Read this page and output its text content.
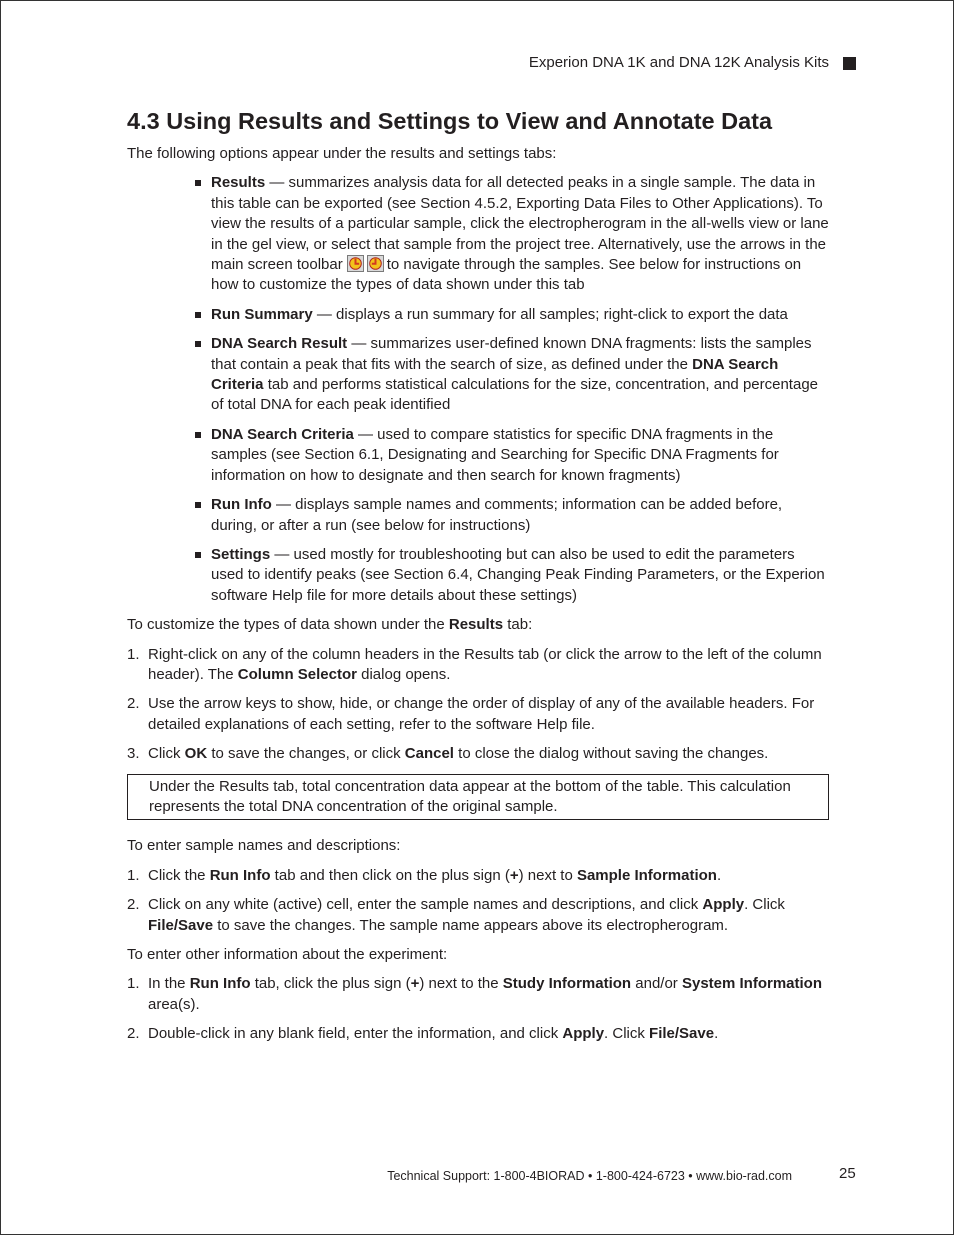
Experion DNA 1K and DNA 12K Analysis Kits
4.3 Using Results and Settings to View and Annotate Data

The following options appear under the results and settings tabs:

Results — summarizes analysis data for all detected peaks in a single sample. The data in this table can be exported (see Section 4.5.2, Exporting Data Files to Other Applications). To view the results of a particular sample, click the electropherogram in the all-wells view or lane in the gel view, or select that sample from the project tree. Alternatively, use the arrows in the main screen toolbar	to navigate through the samples. See below for instructions on how to customize the types of data shown under this tab
Run Summary — displays a run summary for all samples; right-click to export the data
DNA Search Result — summarizes user-defined known DNA fragments: lists the samples that contain a peak that fits with the search of size, as defined under the DNA Search Criteria tab and performs statistical calculations for the size, concentration, and percentage of total DNA for each peak identified
DNA Search Criteria — used to compare statistics for specific DNA fragments in the samples (see Section 6.1, Designating and Searching for Specific DNA Fragments for information on how to designate and then search for known fragments)
Run Info — displays sample names and comments; information can be added before, during, or after a run (see below for instructions)
Settings — used mostly for troubleshooting but can also be used to edit the parameters used to identify peaks (see Section 6.4, Changing Peak Finding Parameters, or the Experion software Help file for more details about these settings)

To customize the types of data shown under the Results tab:

1. Right-click on any of the column headers in the Results tab (or click the arrow to the left of the column header). The Column Selector dialog opens.
2. Use the arrow keys to show, hide, or change the order of display of any of the available headers. For detailed explanations of each setting, refer to the software Help file.
3. Click OK to save the changes, or click Cancel to close the dialog without saving the changes.
Under the Results tab, total concentration data appear at the bottom of the table. This calculation represents the total DNA concentration of the original sample.

To enter sample names and descriptions:

1. Click the Run Info tab and then click on the plus sign (+) next to Sample Information.
2. Click on any white (active) cell, enter the sample names and descriptions, and click Apply. Click File/Save to save the changes. The sample name appears above its electropherogram.

To enter other information about the experiment:

1. In the Run Info tab, click the plus sign (+) next to the Study Information and/or System Information area(s).
2. Double-click in any blank field, enter the information, and click Apply. Click File/Save.
Technical Support: 1-800-4BIORAD • 1-800-424-6723 • www.bio-rad.com	25
